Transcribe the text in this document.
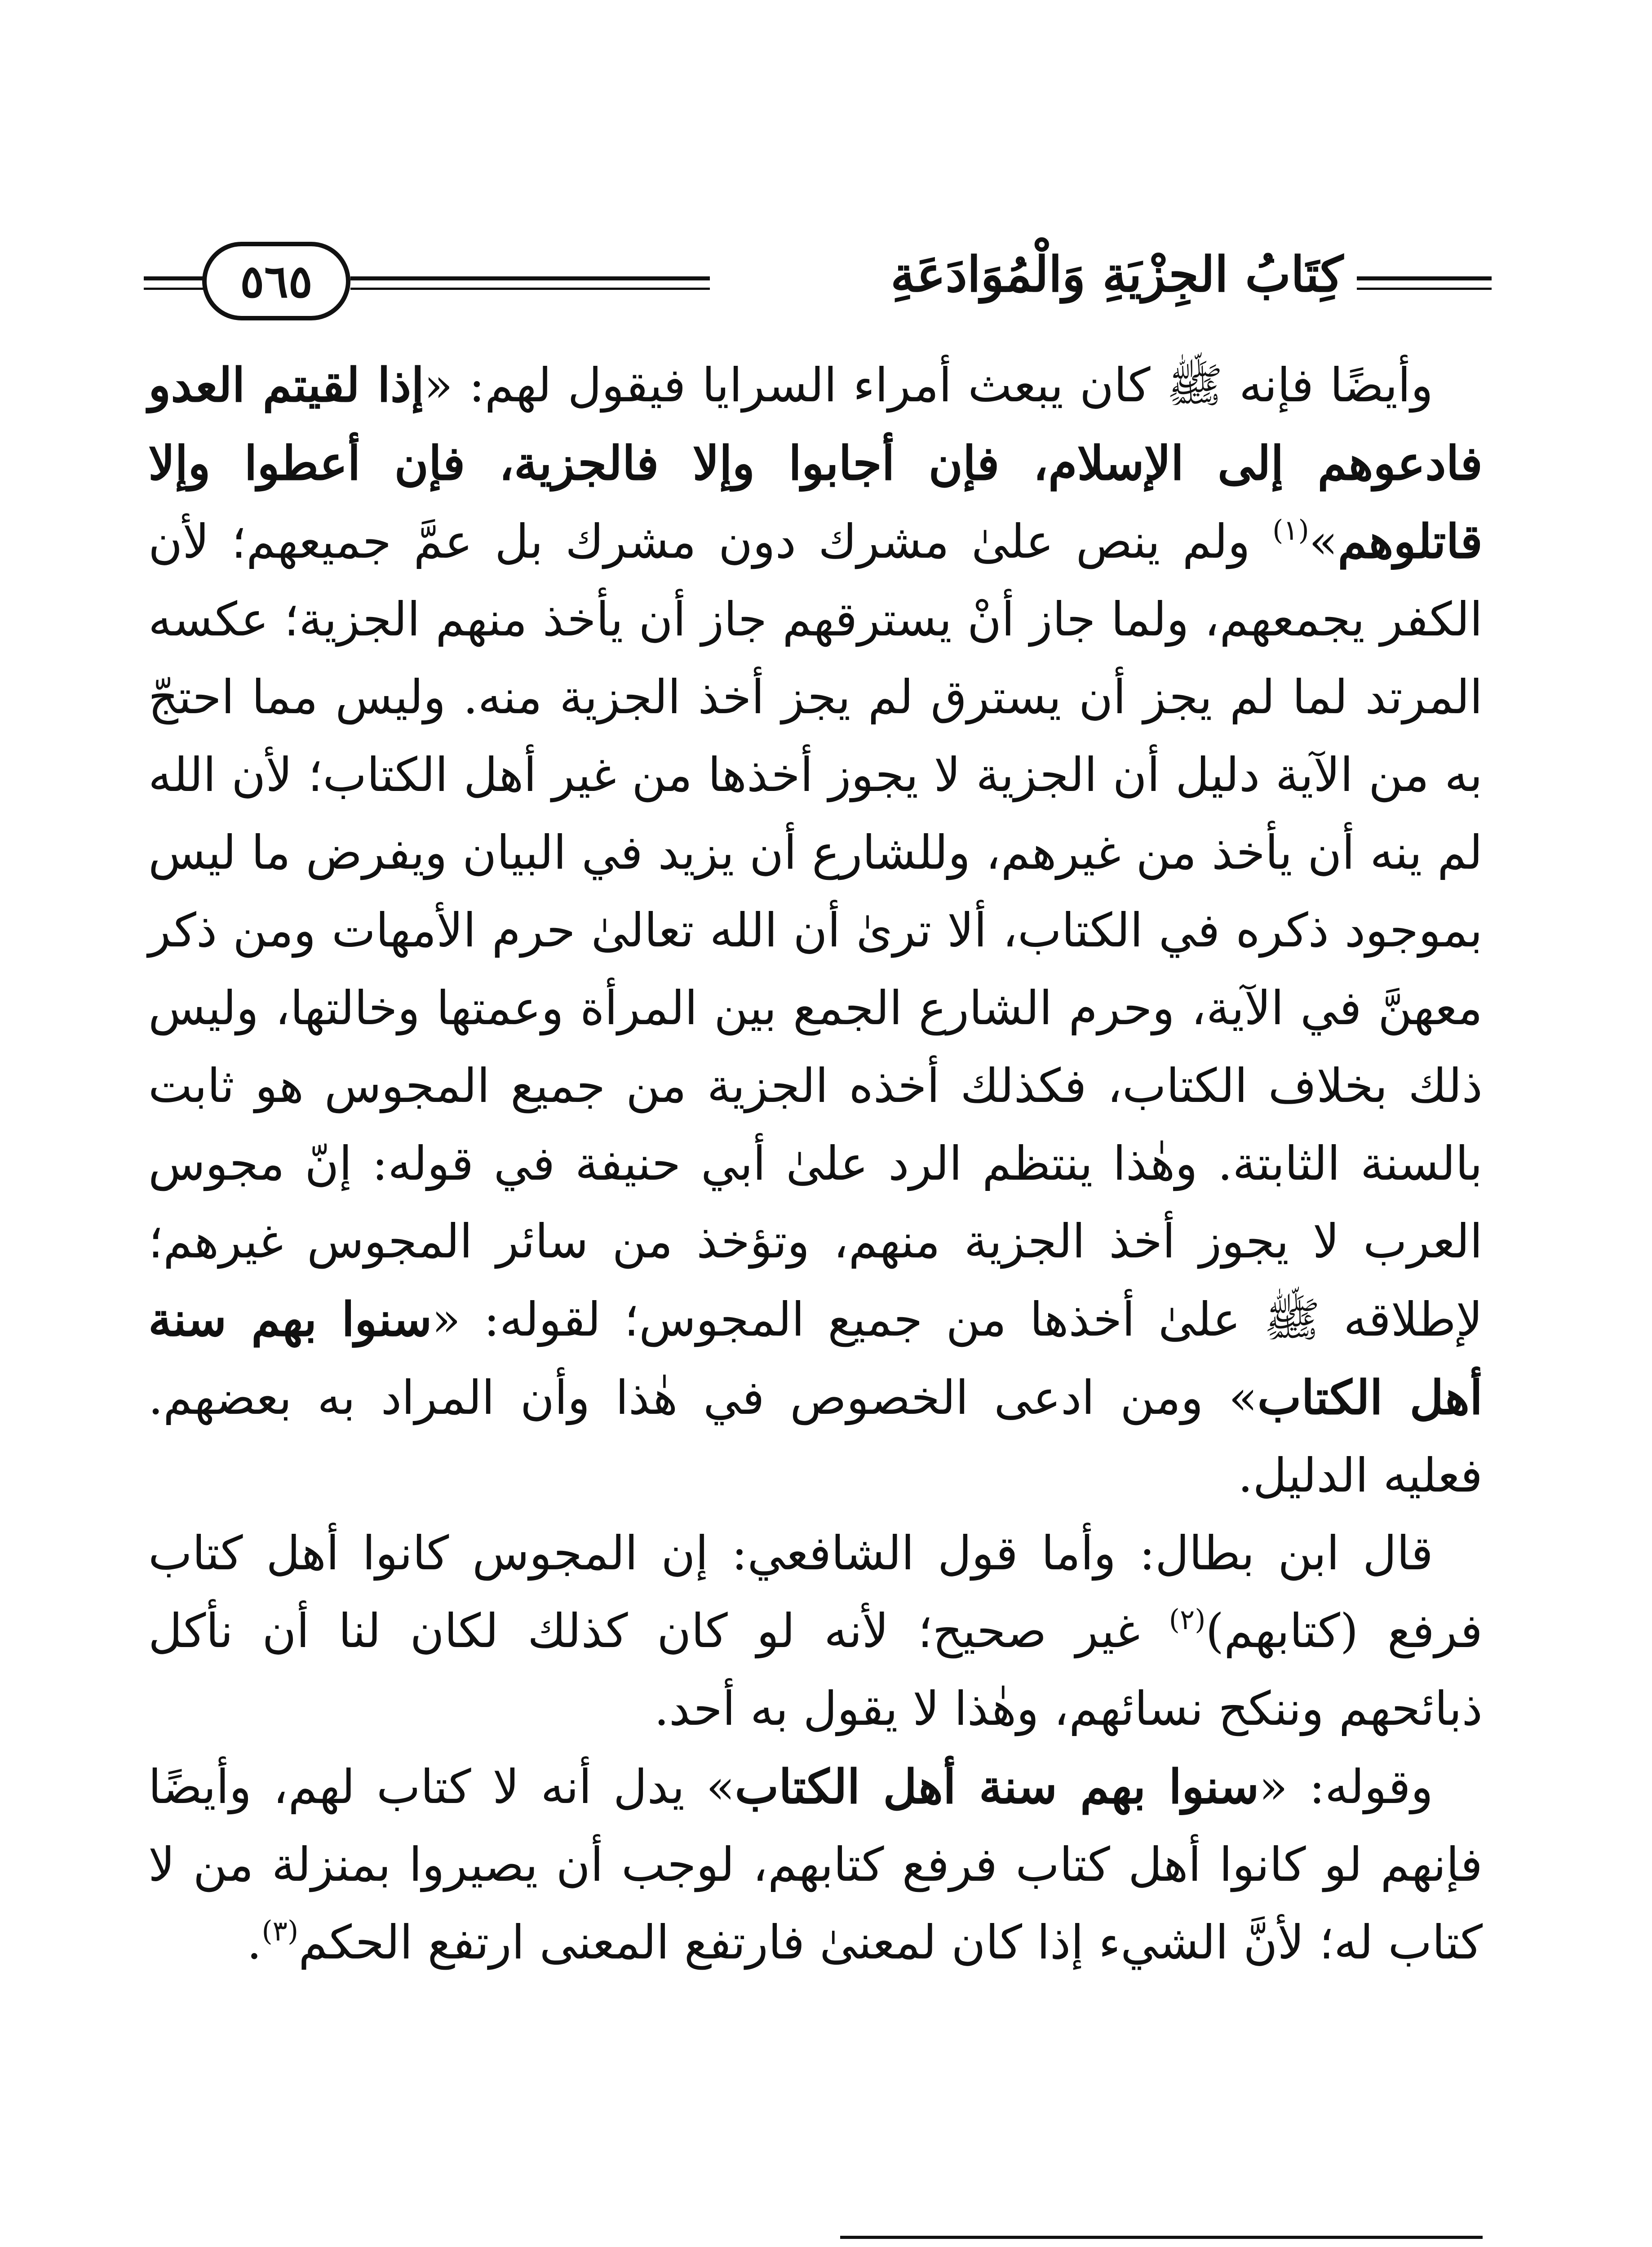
كِتَابُ الجِزْيَةِ وَالْمُوَادَعَةِ
٥٦٥

وأيضًا فإنه ﷺ كان يبعث أمراء السرايا فيقول لهم: «إذا لقيتم العدو فادعوهم إلى الإسلام، فإن أجابوا وإلا فالجزية، فإن أعطوا وإلا قاتلوهم»$^{(١)}$ ولم ينص علىٰ مشرك دون مشرك بل عمَّ جميعهم؛ لأن الكفر يجمعهم، ولما جاز أنْ يسترقهم جاز أن يأخذ منهم الجزية؛ عكسه المرتد لما لم يجز أن يسترق لم يجز أخذ الجزية منه. وليس مما احتجّ به من الآية دليل أن الجزية لا يجوز أخذها من غير أهل الكتاب؛ لأن الله لم ينه أن يأخذ من غيرهم، وللشارع أن يزيد في البيان ويفرض ما ليس بموجود ذكره في الكتاب، ألا ترىٰ أن الله تعالىٰ حرم الأمهات ومن ذكر معهنَّ في الآية، وحرم الشارع الجمع بين المرأة وعمتها وخالتها، وليس ذلك بخلاف الكتاب، فكذلك أخذه الجزية من جميع المجوس هو ثابت بالسنة الثابتة. وهٰذا ينتظم الرد علىٰ أبي حنيفة في قوله: إنّ مجوس العرب لا يجوز أخذ الجزية منهم، وتؤخذ من سائر المجوس غيرهم؛ لإطلاقه ﷺ علىٰ أخذها من جميع المجوس؛ لقوله: «سنوا بهم سنة أهل الكتاب» ومن ادعى الخصوص في هٰذا وأن المراد به بعضهم. فعليه الدليل.

قال ابن بطال: وأما قول الشافعي: إن المجوس كانوا أهل كتاب فرفع (كتابهم)$^{(٢)}$ غير صحيح؛ لأنه لو كان كذلك لكان لنا أن نأكل ذبائحهم وننكح نسائهم، وهٰذا لا يقول به أحد.

وقوله: «سنوا بهم سنة أهل الكتاب» يدل أنه لا كتاب لهم، وأيضًا فإنهم لو كانوا أهل كتاب فرفع كتابهم، لوجب أن يصيروا بمنزلة من لا كتاب له؛ لأنَّ الشيء إذا كان لمعنىٰ فارتفع المعنى ارتفع الحكم$^{(٣)}$.
